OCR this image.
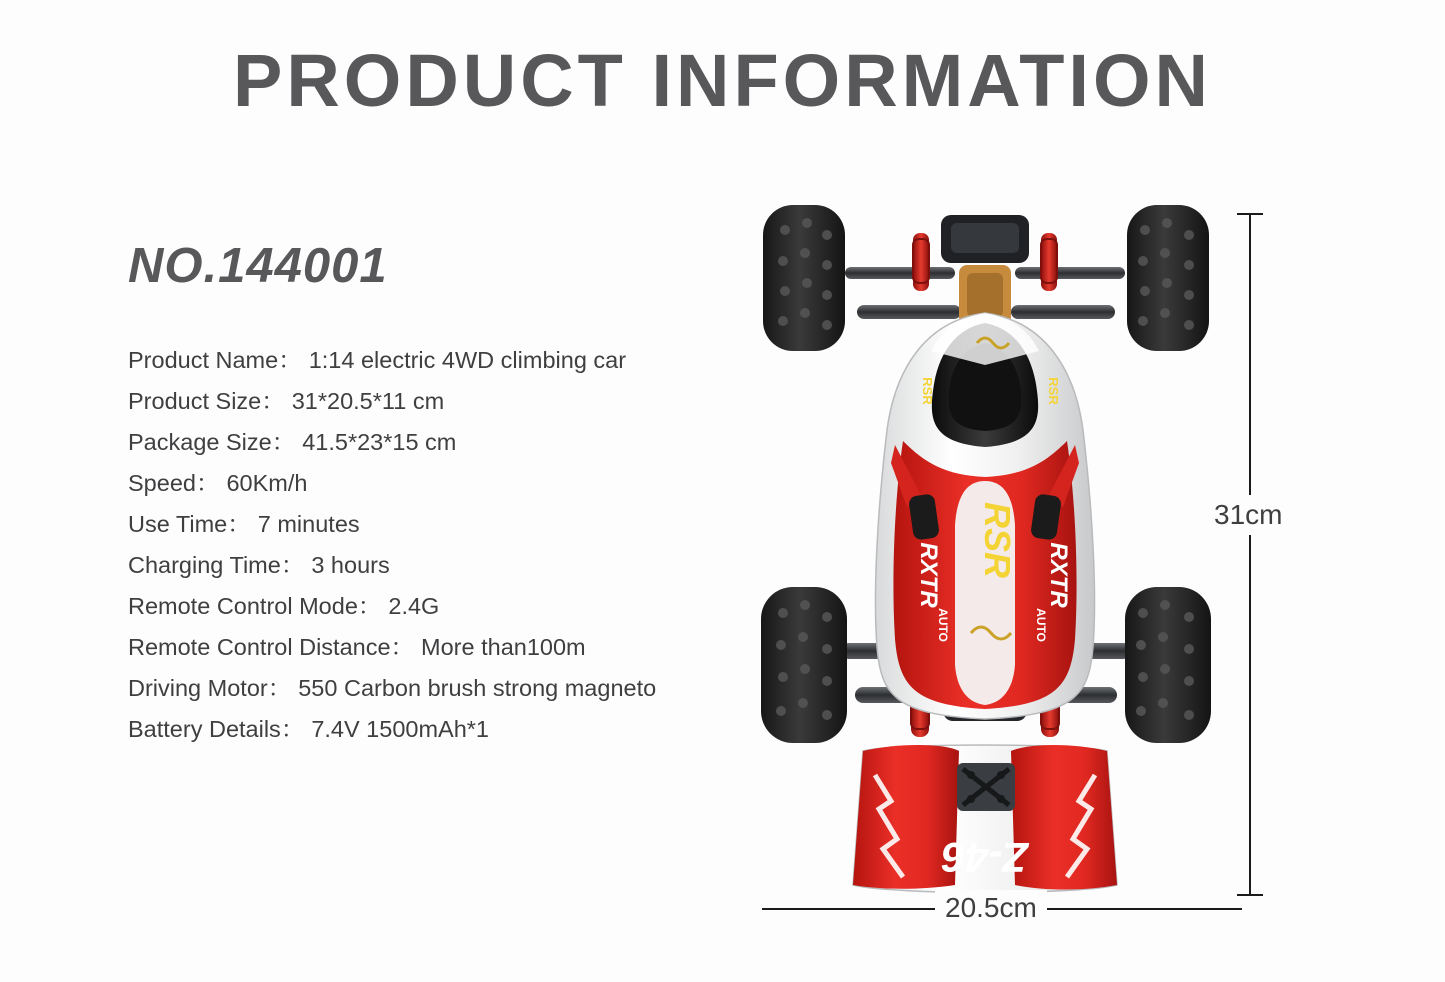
PRODUCT INFORMATION
NO.144001
Product Name： 1:14 electric 4WD climbing car
Product Size： 31*20.5*11 cm
Package Size： 41.5*23*15 cm
Speed： 60Km/h
Use Time： 7 minutes
Charging Time： 3 hours
Remote Control Mode： 2.4G
Remote Control Distance： More than100m
Driving Motor： 550 Carbon brush strong magneto
Battery Details： 7.4V 1500mAh*1
RSR
RXTR	RXTR
AUTO	AUTO
RSR	RSR
Z-46
31cm
20.5cm
